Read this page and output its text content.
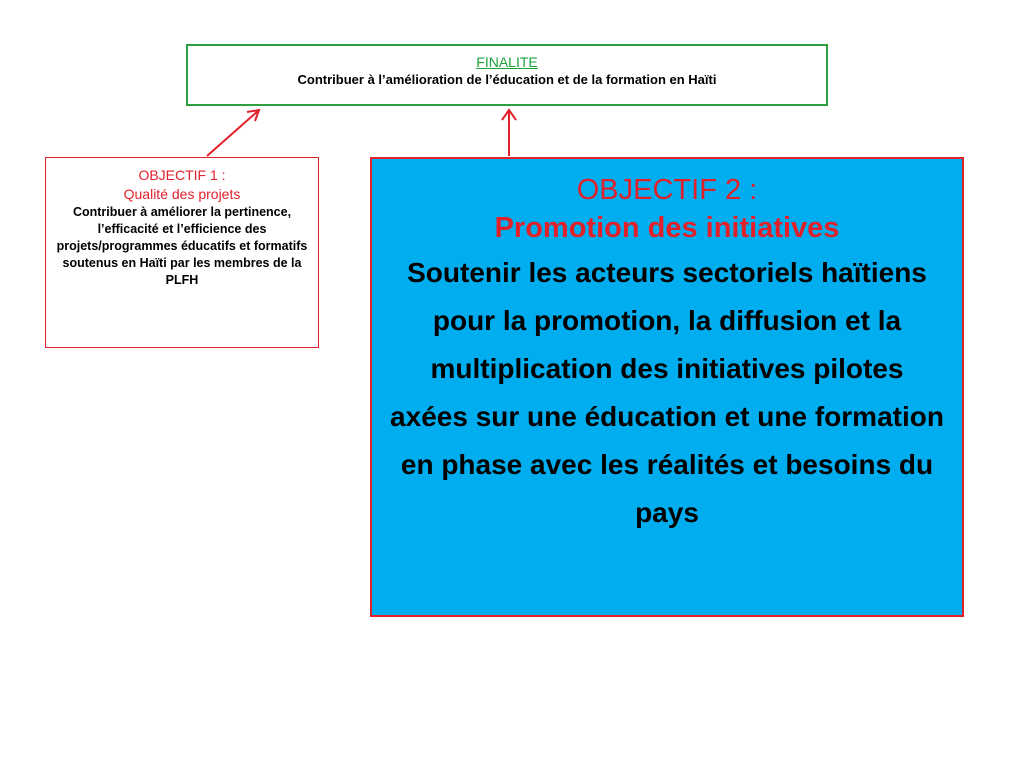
FINALITE
Contribuer à l’amélioration de l’éducation et de la formation en Haïti
OBJECTIF 1 :
Qualité des projets
Contribuer à améliorer la pertinence, l’efficacité et l’efficience des projets/programmes éducatifs et formatifs soutenus en Haïti par les membres de la PLFH
OBJECTIF 2 :
Promotion des initiatives
Soutenir les acteurs sectoriels haïtiens pour la promotion, la diffusion et la multiplication des initiatives pilotes axées sur une éducation et une formation en phase avec les réalités et besoins du pays
